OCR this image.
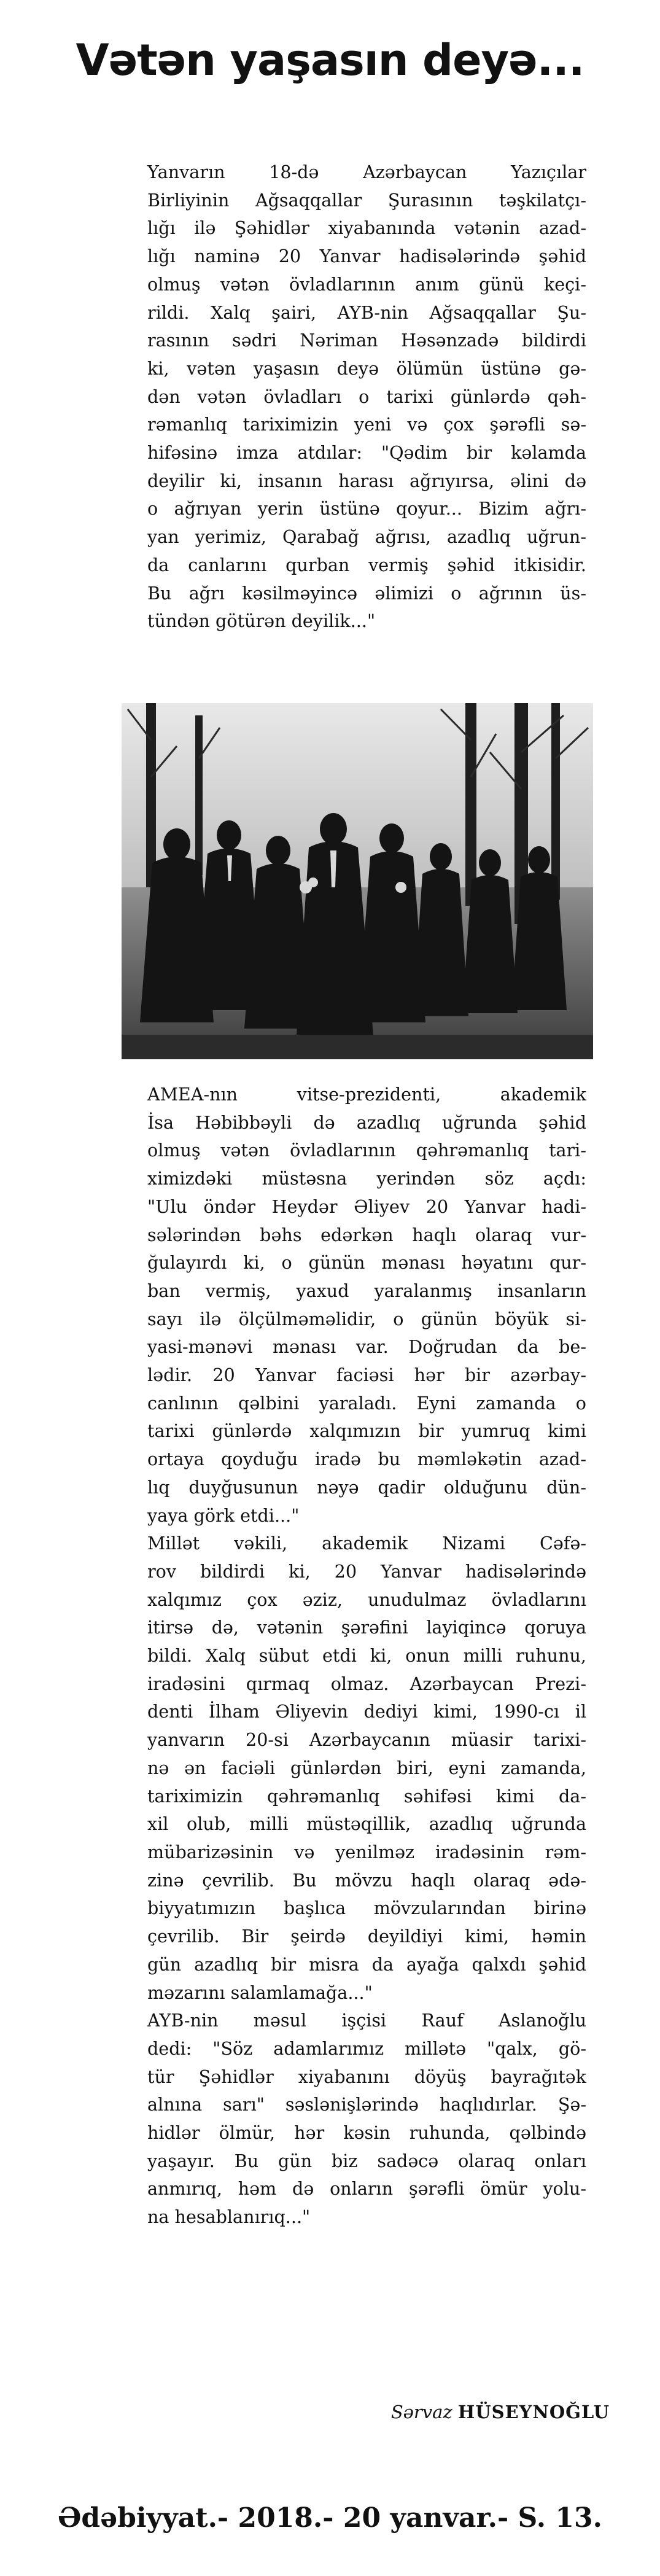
Vətən yaşasın deyə...

Yanvarın 18-də Azərbaycan Yazıçılar
Birliyinin Ağsaqqallar Şurasının təşkilatçı-
lığı ilə Şəhidlər xiyabanında vətənin azad-
lığı naminə 20 Yanvar hadisələrində şəhid
olmuş vətən övladlarının anım günü keçi-
rildi. Xalq şairi, AYB-nin Ağsaqqallar Şu-
rasının sədri Nəriman Həsənzadə bildirdi
ki, vətən yaşasın deyə ölümün üstünə gə-
dən vətən övladları o tarixi günlərdə qəh-
rəmanlıq tariximizin yeni və çox şərəfli sə-
hifəsinə imza atdılar: "Qədim bir kəlamda
deyilir ki, insanın harası ağrıyırsa, əlini də
o ağrıyan yerin üstünə qoyur... Bizim ağrı-
yan yerimiz, Qarabağ ağrısı, azadlıq uğrun-
da canlarını qurban vermiş şəhid itkisidir.
Bu ağrı kəsilməyincə əlimizi o ağrının üs-
tündən götürən deyilik..."

AMEA-nın vitse-prezidenti, akademik
İsa Həbibbəyli də azadlıq uğrunda şəhid
olmuş vətən övladlarının qəhrəmanlıq tari-
ximizdəki müstəsna yerindən söz açdı:
"Ulu öndər Heydər Əliyev 20 Yanvar hadi-
sələrindən bəhs edərkən haqlı olaraq vur-
ğulayırdı ki, o günün mənası həyatını qur-
ban vermiş, yaxud yaralanmış insanların
sayı ilə ölçülməməlidir, o günün böyük si-
yasi-mənəvi mənası var. Doğrudan da be-
lədir. 20 Yanvar faciəsi hər bir azərbay-
canlının qəlbini yaraladı. Eyni zamanda o
tarixi günlərdə xalqımızın bir yumruq kimi
ortaya qoyduğu iradə bu məmləkətin azad-
lıq duyğusunun nəyə qadir olduğunu dün-
yaya görk etdi..."

Millət vəkili, akademik Nizami Cəfə-
rov bildirdi ki, 20 Yanvar hadisələrində
xalqımız çox əziz, unudulmaz övladlarını
itirsə də, vətənin şərəfini layiqincə qoruya
bildi. Xalq sübut etdi ki, onun milli ruhunu,
iradəsini qırmaq olmaz. Azərbaycan Prezi-
denti İlham Əliyevin dediyi kimi, 1990-cı il
yanvarın 20-si Azərbaycanın müasir tarixi-
nə ən faciəli günlərdən biri, eyni zamanda,
tariximizin qəhrəmanlıq səhifəsi kimi da-
xil olub, milli müstəqillik, azadlıq uğrunda
mübarizəsinin və yenilməz iradəsinin rəm-
zinə çevrilib. Bu mövzu haqlı olaraq ədə-
biyyatımızın başlıca mövzularından birinə
çevrilib. Bir şeirdə deyildiyi kimi, həmin
gün azadlıq bir misra da ayağa qalxdı şəhid
məzarını salamlamağa..."

AYB-nin məsul işçisi Rauf Aslanoğlu
dedi: "Söz adamlarımız millətə "qalx, gö-
tür Şəhidlər xiyabanını döyüş bayrağıtək
alnına sarı" səslənişlərində haqlıdırlar. Şə-
hidlər ölmür, hər kəsin ruhunda, qəlbində
yaşayır. Bu gün biz sadəcə olaraq onları
anmırıq, həm də onların şərəfli ömür yolu-
na hesablanırıq..."

Sərvaz HÜSEYNOĞLU
Ədəbiyyat.- 2018.- 20 yanvar.- S. 13.
